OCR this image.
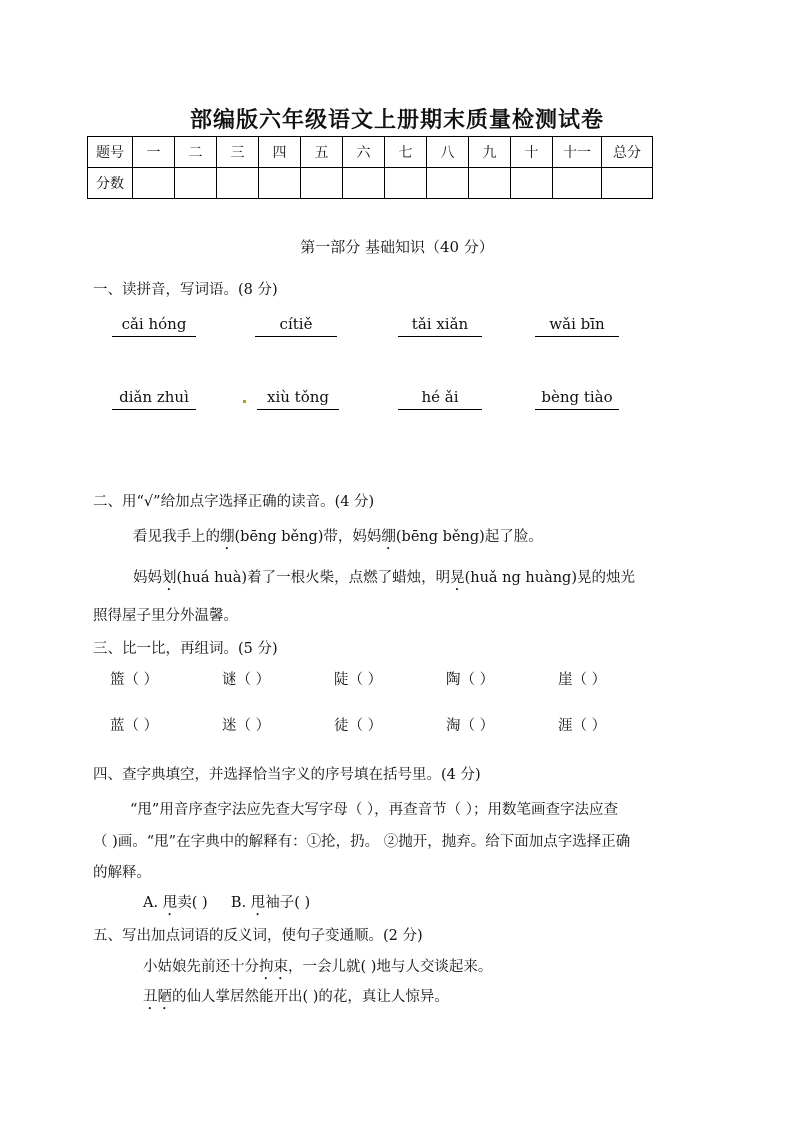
部编版六年级语文上册期末质量检测试卷
题号	一	二	三	四	五	六	七	八	九	十	十一	总分
分数												
第一部分 基础知识（40 分）
一、读拼音，写词语。(8 分)
cǎi hóng	cítiě	tǎi xiǎn	wǎi bīn
diǎn zhuì	xiù tǒng	hé ǎi	bèng tiào
二、用“√”给加点字选择正确的读音。(4 分)
看见我手上的绷(bēng běng)带，妈妈绷(bēng běng)起了脸。
妈妈划(huá huà)着了一根火柴，点燃了蜡烛，明晃(huǎ ng huàng)晃的烛光
照得屋子里分外温馨。
三、比一比，再组词。(5 分)
篮（ ）	谜（ ）	陡（ ）	陶（ ）	崖（ ）
蓝（ ）	迷（ ）	徒（ ）	淘（ ）	涯（ ）
四、查字典填空，并选择恰当字义的序号填在括号里。(4 分)
“甩”用音序查字法应先查大写字母（ ），再查音节（ ）；用数笔画查字法应查
（ )画。“甩”在字典中的解释有：①抡，扔。 ②抛开，抛弃。给下面加点字选择正确
的解释。
A. 甩卖( ) B. 甩袖子( )
五、写出加点词语的反义词，使句子变通顺。(2 分)
小姑娘先前还十分拘束，一会儿就( )地与人交谈起来。
丑陋的仙人掌居然能开出( )的花，真让人惊异。
